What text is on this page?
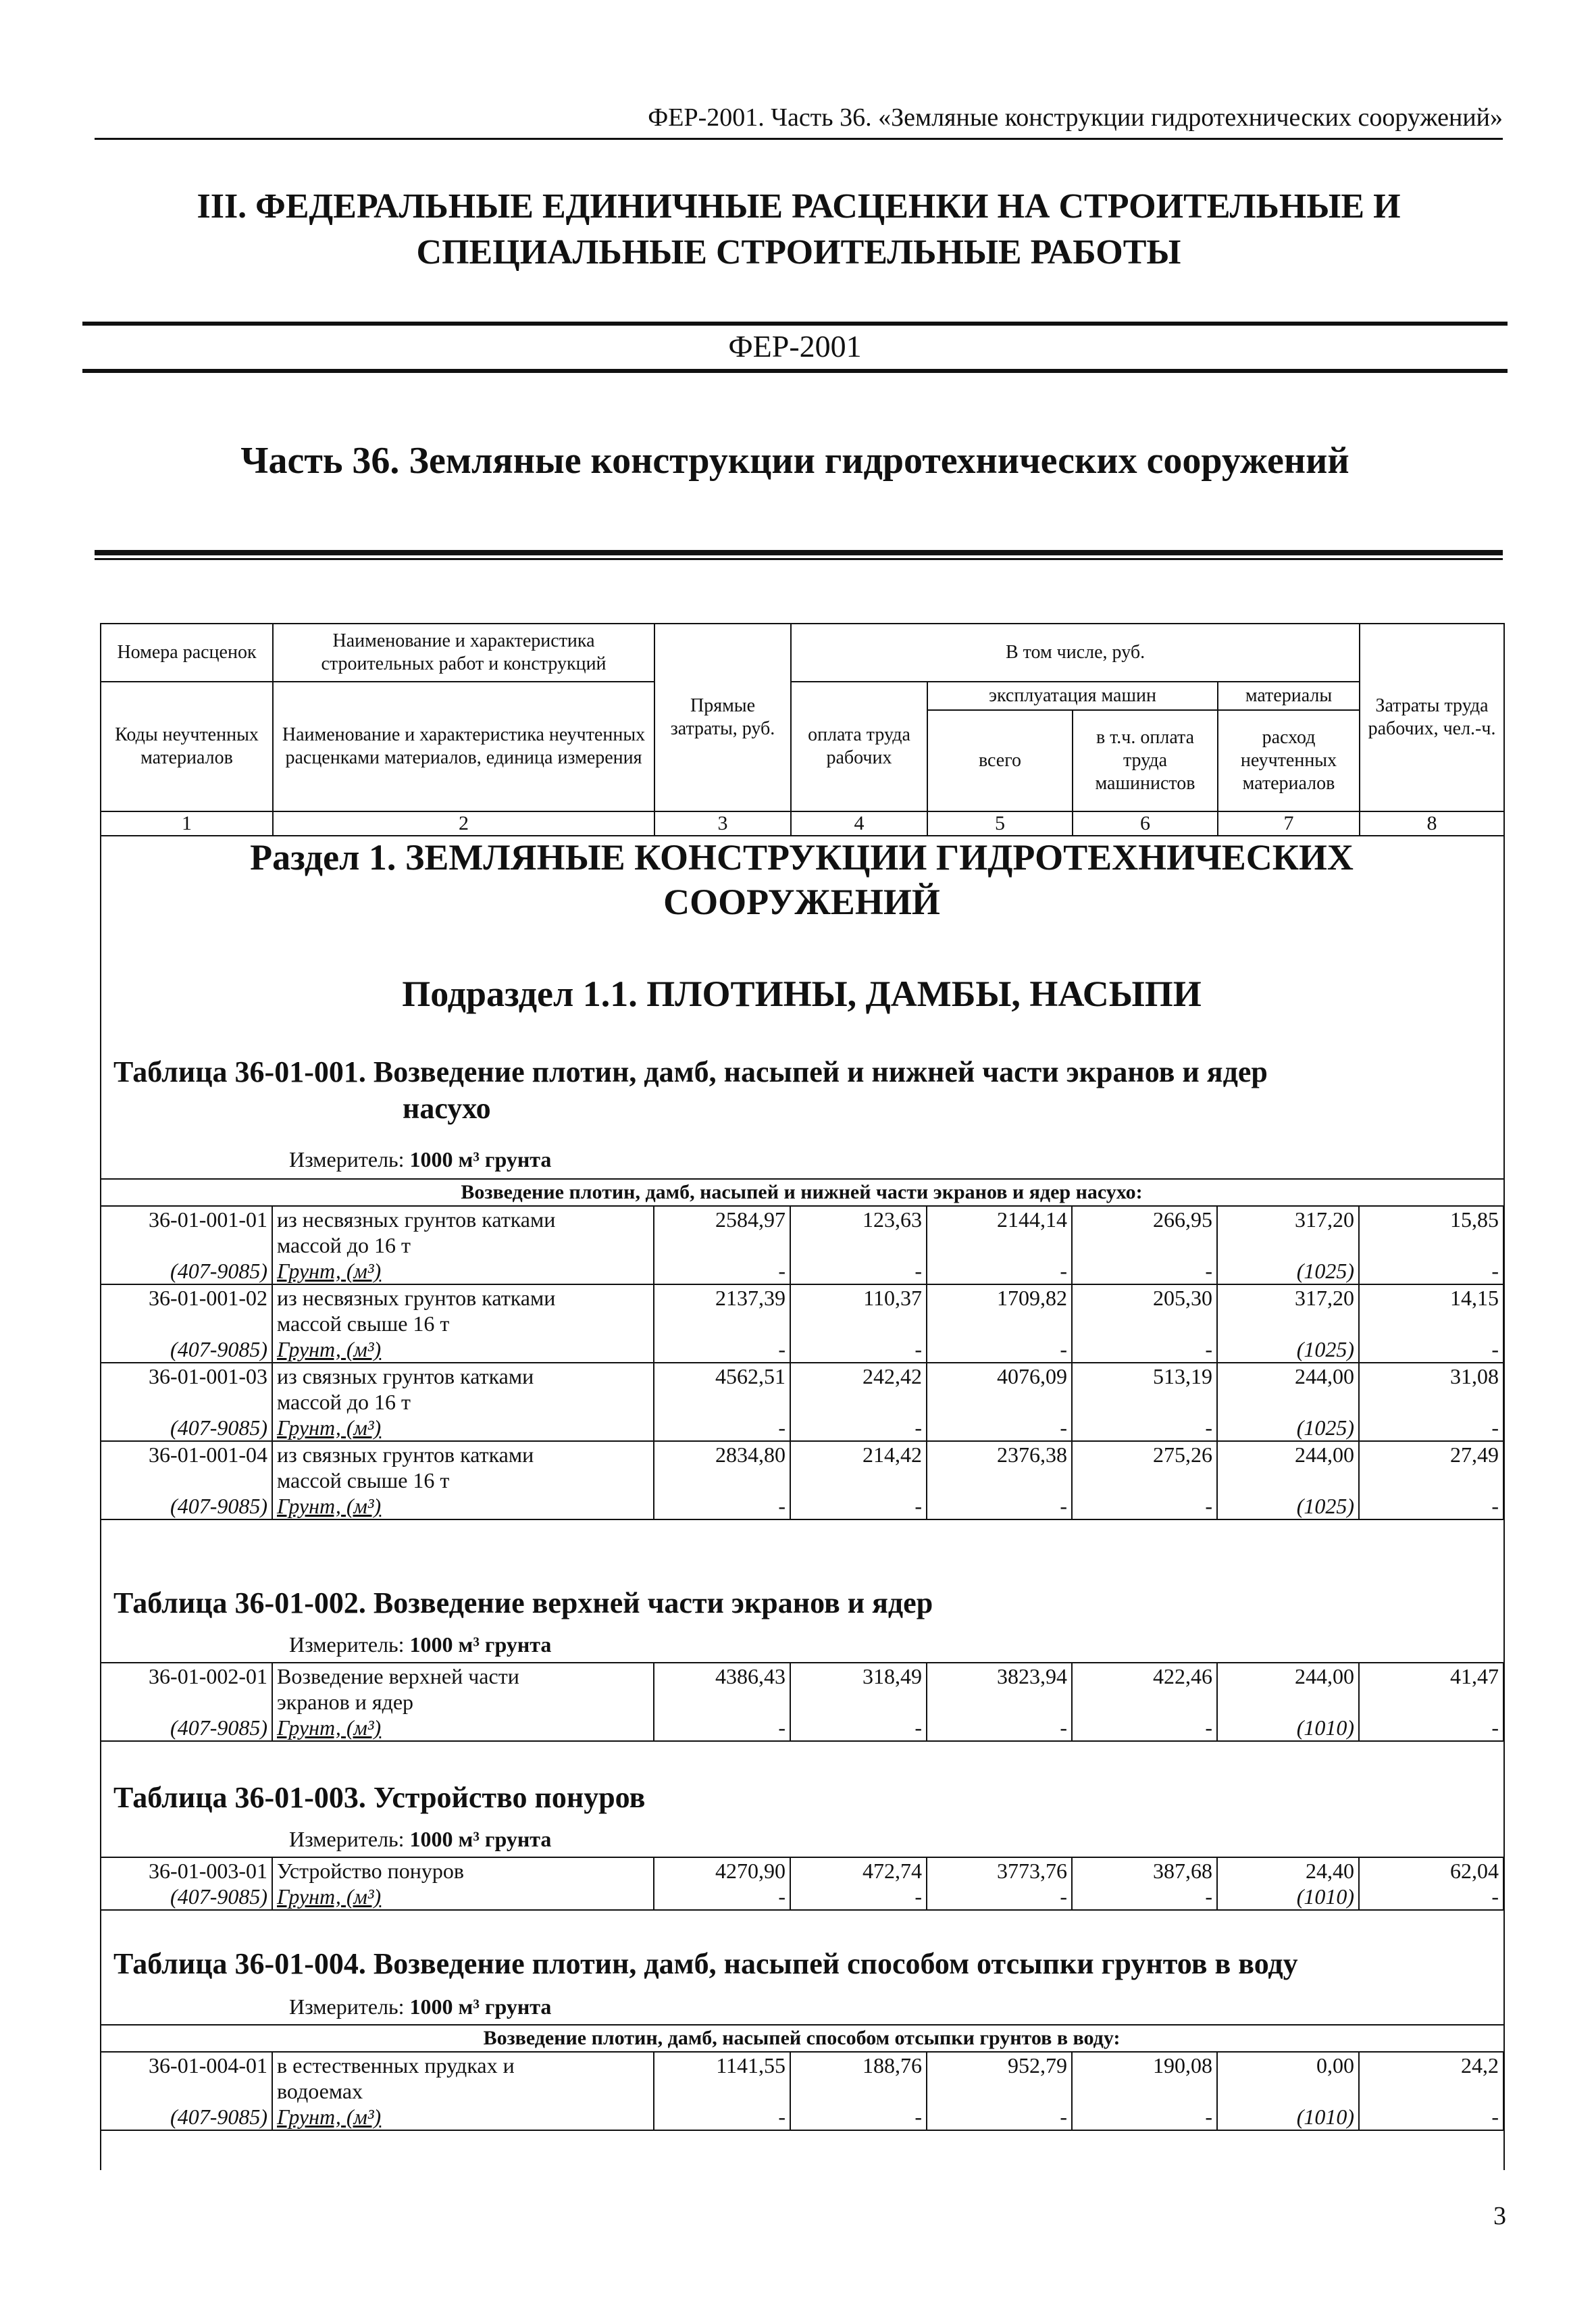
ФЕР-2001. Часть 36. «Земляные конструкции гидротехнических сооружений»
III. ФЕДЕРАЛЬНЫЕ ЕДИНИЧНЫЕ РАСЦЕНКИ НА СТРОИТЕЛЬНЫЕ И
СПЕЦИАЛЬНЫЕ СТРОИТЕЛЬНЫЕ РАБОТЫ
ФЕР-2001
Часть 36. Земляные конструкции гидротехнических сооружений
Номера расценок	Наименование и характеристика строительных работ и конструкций	Прямые затраты, руб.	В том числе, руб.				Затраты труда рабочих, чел.-ч.
Коды неучтенных материалов	Наименование и характеристика неучтенных расценками материалов, единица измерения		оплата труда рабочих	эксплуатация машин		материалы	
				всего	в т.ч. оплата труда машинистов	расход неучтенных материалов	
1	2	3	4	5	6	7	8
Раздел 1. ЗЕМЛЯНЫЕ КОНСТРУКЦИИ ГИДРОТЕХНИЧЕСКИХ
СООРУЖЕНИЙ
Подраздел 1.1. ПЛОТИНЫ, ДАМБЫ, НАСЫПИ
Таблица 36-01-001. Возведение плотин, дамб, насыпей и нижней части экранов и ядер
насухо
Измеритель: 1000 м³ грунта
Возведение плотин, дамб, насыпей и нижней части экранов и ядер насухо:							
36-01-001-01	из несвязных грунтов катками	2584,97	123,63	2144,14	266,95	317,20	15,85
	массой до 16 т						
(407-9085)	Грунт, (м³)	-	-	-	-	(1025)	-
36-01-001-02	из несвязных грунтов катками	2137,39	110,37	1709,82	205,30	317,20	14,15
	массой свыше 16 т						
(407-9085)	Грунт, (м³)	-	-	-	-	(1025)	-
36-01-001-03	из связных грунтов катками	4562,51	242,42	4076,09	513,19	244,00	31,08
	массой до 16 т						
(407-9085)	Грунт, (м³)	-	-	-	-	(1025)	-
36-01-001-04	из связных грунтов катками	2834,80	214,42	2376,38	275,26	244,00	27,49
	массой свыше 16 т						
(407-9085)	Грунт, (м³)	-	-	-	-	(1025)	-
Таблица 36-01-002. Возведение верхней части экранов и ядер
Измеритель: 1000 м³ грунта
36-01-002-01	Возведение верхней части	4386,43	318,49	3823,94	422,46	244,00	41,47
	экранов и ядер						
(407-9085)	Грунт, (м³)	-	-	-	-	(1010)	-
Таблица 36-01-003. Устройство понуров
Измеритель: 1000 м³ грунта
36-01-003-01	Устройство понуров	4270,90	472,74	3773,76	387,68	24,40	62,04
(407-9085)	Грунт, (м³)	-	-	-	-	(1010)	-
Таблица 36-01-004. Возведение плотин, дамб, насыпей способом отсыпки грунтов в воду
Измеритель: 1000 м³ грунта
Возведение плотин, дамб, насыпей способом отсыпки грунтов в воду:							
36-01-004-01	в естественных прудках и	1141,55	188,76	952,79	190,08	0,00	24,2
	водоемах						
(407-9085)	Грунт, (м³)	-	-	-	-	(1010)	-
3
